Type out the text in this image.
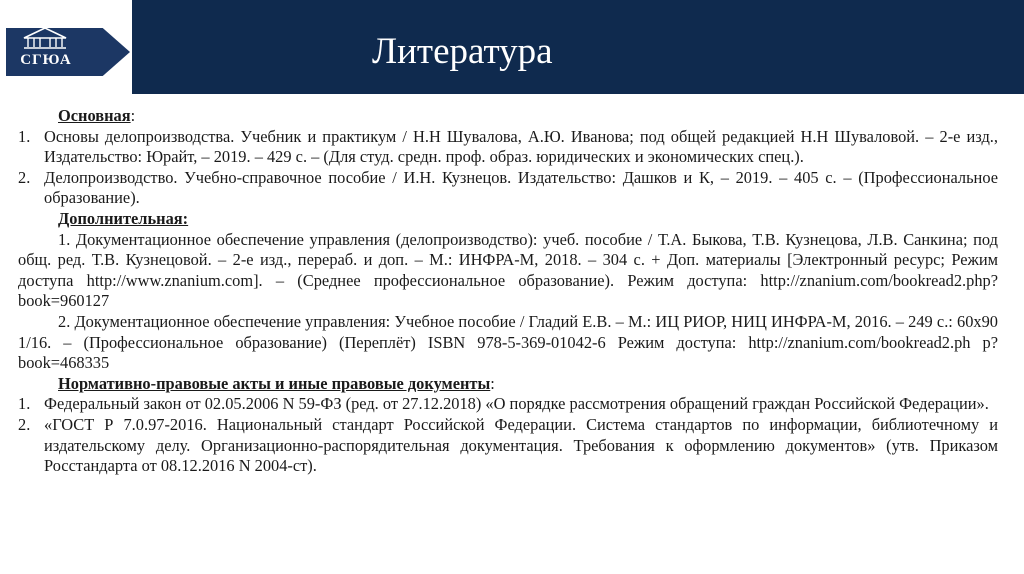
СГЮА	Литература
Основная:
1. Основы делопроизводства. Учебник и практикум / Н.Н Шувалова, А.Ю. Иванова; под общей редакцией Н.Н Шуваловой. – 2-е изд., Издательство: Юрайт, – 2019. – 429 с. – (Для студ. средн. проф. образ. юридических и экономических спец.).
2. Делопроизводство. Учебно-справочное пособие / И.Н. Кузнецов. Издательство: Дашков и К, – 2019. – 405 с. – (Профессиональное образование).
Дополнительная:
1. Документационное обеспечение управления (делопроизводство): учеб. пособие / Т.А. Быкова, Т.В. Кузнецова, Л.В. Санкина; под общ. ред. Т.В. Кузнецовой. – 2-е изд., перераб. и доп. – М.: ИНФРА-М, 2018. – 304 с. + Доп. материалы [Электронный ресурс; Режим доступа http://www.znanium.com]. – (Среднее профессиональное образование). Режим доступа: http://znanium.com/bookread2.php?book=960127
2. Документационное обеспечение управления: Учебное пособие / Гладий Е.В. – М.: ИЦ РИОР, НИЦ ИНФРА-М, 2016. – 249 с.: 60х90 1/16. – (Профессиональное образование) (Переплёт) ISBN 978-5-369-01042-6 Режим доступа: http://znanium.com/bookread2.ph p?book=468335
Нормативно-правовые акты и иные правовые документы:
1. Федеральный закон от 02.05.2006 N 59-ФЗ (ред. от 27.12.2018) «О порядке рассмотрения обращений граждан Российской Федерации».
2. «ГОСТ Р 7.0.97-2016. Национальный стандарт Российской Федерации. Система стандартов по информации, библиотечному и издательскому делу. Организационно-распорядительная документация. Требования к оформлению документов» (утв. Приказом Росстандарта от 08.12.2016 N 2004-ст).
